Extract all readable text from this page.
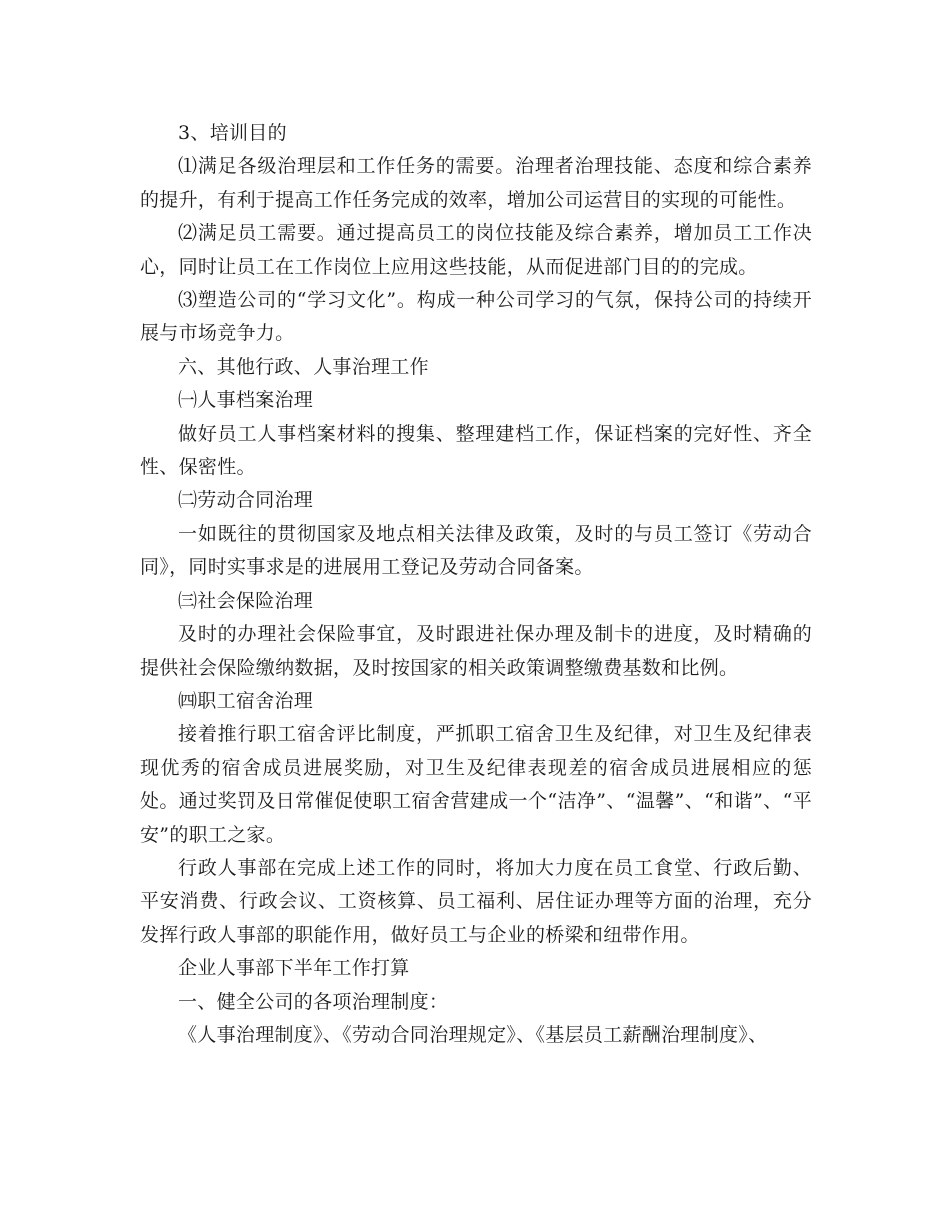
3、培训目的

⑴满足各级治理层和工作任务的需要。治理者治理技能、态度和综合素养的提升，有利于提高工作任务完成的效率，增加公司运营目的实现的可能性。

⑵满足员工需要。通过提高员工的岗位技能及综合素养，增加员工工作决心，同时让员工在工作岗位上应用这些技能，从而促进部门目的的完成。

⑶塑造公司的“学习文化”。构成一种公司学习的气氛，保持公司的持续开展与市场竞争力。

六、其他行政、人事治理工作

㈠人事档案治理

做好员工人事档案材料的搜集、整理建档工作，保证档案的完好性、齐全性、保密性。

㈡劳动合同治理

一如既往的贯彻国家及地点相关法律及政策，及时的与员工签订《劳动合同》，同时实事求是的进展用工登记及劳动合同备案。

㈢社会保险治理

及时的办理社会保险事宜，及时跟进社保办理及制卡的进度，及时精确的提供社会保险缴纳数据，及时按国家的相关政策调整缴费基数和比例。

㈣职工宿舍治理

接着推行职工宿舍评比制度，严抓职工宿舍卫生及纪律，对卫生及纪律表现优秀的宿舍成员进展奖励，对卫生及纪律表现差的宿舍成员进展相应的惩处。通过奖罚及日常催促使职工宿舍营建成一个“洁净”、“温馨”、“和谐”、“平安”的职工之家。

行政人事部在完成上述工作的同时，将加大力度在员工食堂、行政后勤、平安消费、行政会议、工资核算、员工福利、居住证办理等方面的治理，充分发挥行政人事部的职能作用，做好员工与企业的桥梁和纽带作用。

企业人事部下半年工作打算

一、健全公司的各项治理制度：

《人事治理制度》、《劳动合同治理规定》、《基层员工薪酬治理制度》、
